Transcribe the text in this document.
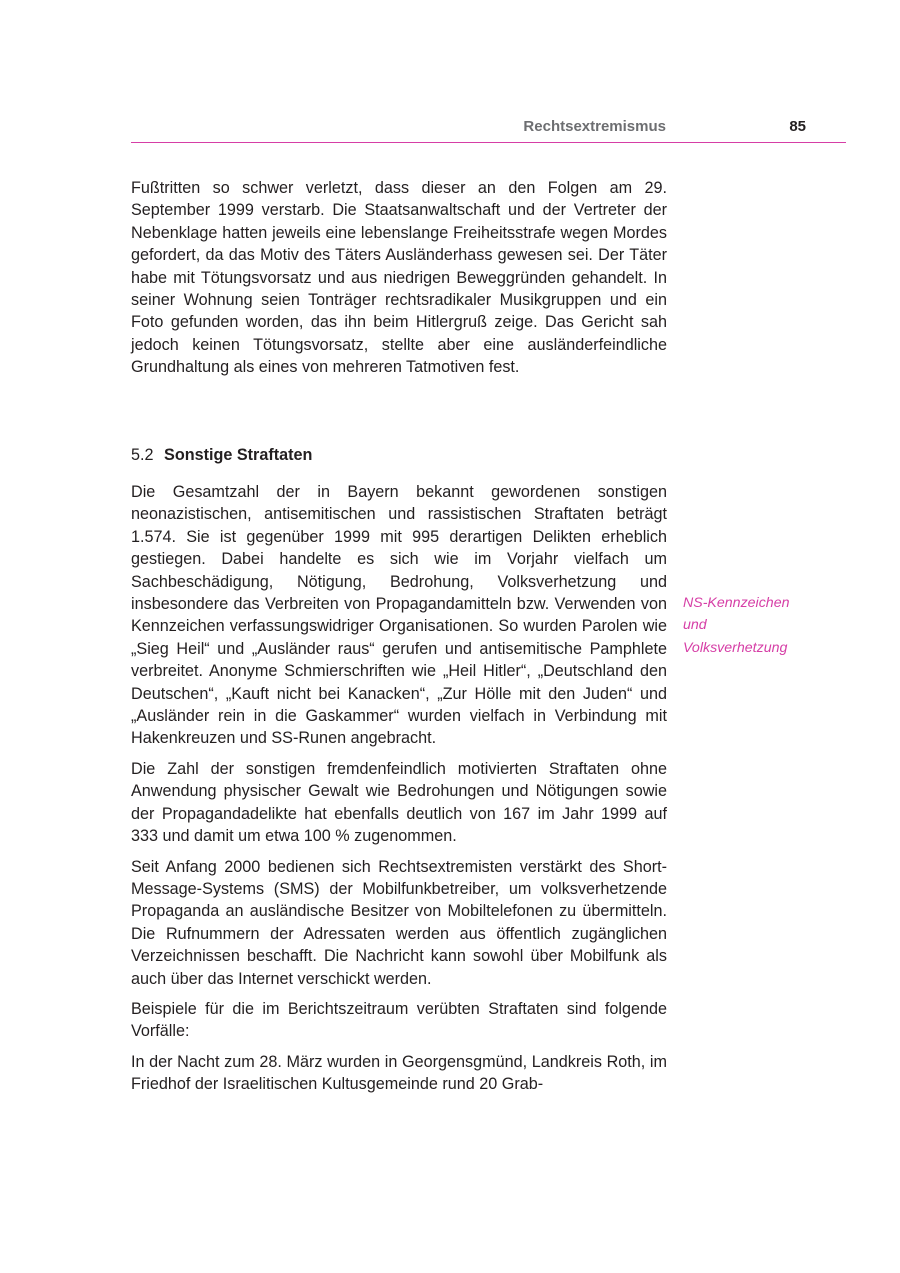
Rechtsextremismus	85

Fußtritten so schwer verletzt, dass dieser an den Folgen am 29. September 1999 verstarb. Die Staatsanwaltschaft und der Vertreter der Nebenklage hatten jeweils eine lebenslange Freiheitsstrafe wegen Mordes gefordert, da das Motiv des Täters Ausländerhass gewesen sei. Der Täter habe mit Tötungsvorsatz und aus niedrigen Beweggründen gehandelt. In seiner Wohnung seien Tonträger rechtsradikaler Musikgruppen und ein Foto gefunden worden, das ihn beim Hitlergruß zeige. Das Gericht sah jedoch keinen Tötungsvorsatz, stellte aber eine ausländerfeindliche Grundhaltung als eines von mehreren Tatmotiven fest.

5.2 Sonstige Straftaten

Die Gesamtzahl der in Bayern bekannt gewordenen sonstigen neonazistischen, antisemitischen und rassistischen Straftaten beträgt 1.574. Sie ist gegenüber 1999 mit 995 derartigen Delikten erheblich gestiegen. Dabei handelte es sich wie im Vorjahr vielfach um Sachbeschädigung, Nötigung, Bedrohung, Volksverhetzung und insbesondere das Verbreiten von Propagandamitteln bzw. Verwenden von Kennzeichen verfassungswidriger Organisationen. So wurden Parolen wie „Sieg Heil“ und „Ausländer raus“ gerufen und antisemitische Pamphlete verbreitet. Anonyme Schmierschriften wie „Heil Hitler“, „Deutschland den Deutschen“, „Kauft nicht bei Kanacken“, „Zur Hölle mit den Juden“ und „Ausländer rein in die Gaskammer“ wurden vielfach in Verbindung mit Hakenkreuzen und SS-Runen angebracht.

Die Zahl der sonstigen fremdenfeindlich motivierten Straftaten ohne Anwendung physischer Gewalt wie Bedrohungen und Nötigungen sowie der Propagandadelikte hat ebenfalls deutlich von 167 im Jahr 1999 auf 333 und damit um etwa 100 % zugenommen.

Seit Anfang 2000 bedienen sich Rechtsextremisten verstärkt des Short-Message-Systems (SMS) der Mobilfunkbetreiber, um volksverhetzende Propaganda an ausländische Besitzer von Mobiltelefonen zu übermitteln. Die Rufnummern der Adressaten werden aus öffentlich zugänglichen Verzeichnissen beschafft. Die Nachricht kann sowohl über Mobilfunk als auch über das Internet verschickt werden.

Beispiele für die im Berichtszeitraum verübten Straftaten sind folgende Vorfälle:

In der Nacht zum 28. März wurden in Georgensgmünd, Landkreis Roth, im Friedhof der Israelitischen Kultusgemeinde rund 20 Grab-

NS-Kennzeichen und Volksverhetzung
